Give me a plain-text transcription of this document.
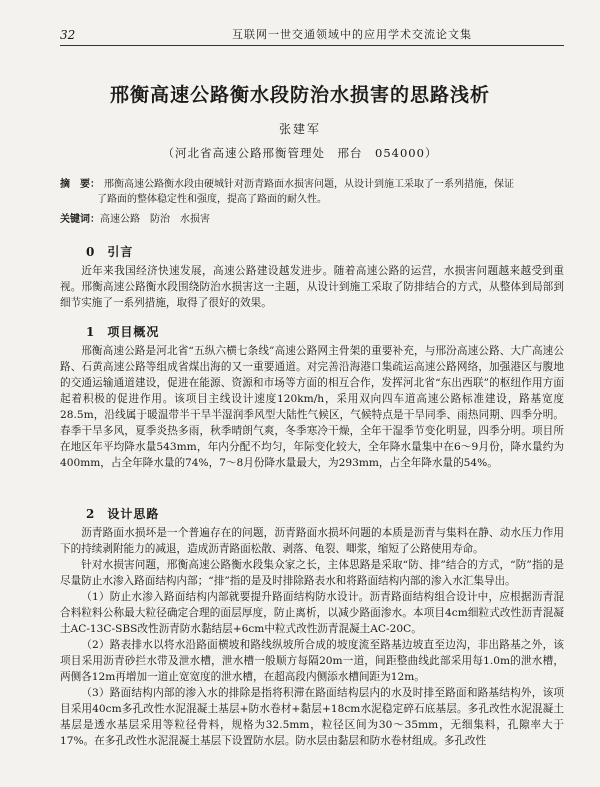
32	互联网一世交通领域中的应用学术交流论文集
邢衡高速公路衡水段防治水损害的思路浅析
张建军
（河北省高速公路邢衡管理处　邢台　054000）

摘　要： 邢衡高速公路衡水段由硬城针对沥青路面水损害问题，从设计到施工采取了一系列措施，保证

了路面的整体稳定性和强度，提高了路面的耐久性。

关键词：高速公路　防治　水损害
0 引言

近年来我国经济快速发展，高速公路建设越发进步。随着高速公路的运营，水损害问题越来越受到重视。邢衡高速公路衡水段围绕防治水损害这一主题，从设计到施工采取了防排结合的方式，从整体到局部到细节实施了一系列措施，取得了很好的效果。

1 项目概况

邢衡高速公路是河北省“五纵六横七条线”高速公路网主骨架的重要补充，与邢汾高速公路、大广高速公路、石黄高速公路等组成省煤出海的又一重要通道。对完善沿海港口集疏运高速公路网络，加强港区与腹地的交通运输通道建设，促进在能源、资源和市场等方面的相互合作，发挥河北省“东出西联”的枢纽作用方面起着积极的促进作用。该项目主线设计速度120km/h，采用双向四车道高速公路标准建设，路基宽度28.5m，沿线属于暖温带半干旱半湿润季风型大陆性气候区，气候特点是干旱同季、雨热同期、四季分明。春季干旱多风，夏季炎热多雨，秋季晴朗气爽，冬季寒冷干燥，全年干湿季节变化明显，四季分明。项目所在地区年平均降水量543mm，年内分配不均匀，年际变化较大，全年降水量集中在6～9月份，降水量约为400mm，占全年降水量的74%，7～8月份降水量最大，为293mm，占全年降水量的54%。

2 设计思路

沥青路面水损坏是一个普遍存在的问题，沥青路面水损坏问题的本质是沥青与集料在静、动水压力作用下的持续剥附能力的减退，造成沥青路面松散、剥落、龟裂、唧浆，缩短了公路使用寿命。

针对水损害问题，邢衡高速公路衡水段集众家之长，主体思路是采取“防、排”结合的方式，“防”指的是尽量防止水渗入路面结构内部；“排”指的是及时排除路表水和将路面结构内部的渗入水汇集导出。

（1）防止水渗入路面结构内部就要提升路面结构防水设计。沥青路面结构组合设计中，应根据沥青混合料粒料公称最大粒径确定合理的面层厚度，防止离析，以减少路面渗水。本项目4cm细粒式改性沥青混凝土AC-13C-SBS改性沥青防水黏结层+6cm中粒式改性沥青混凝土AC-20C。

（2）路表排水以将水沿路面横坡和路线纵坡所合成的坡度流至路基边坡直至边沟，非出路基之外，该项目采用沥青砂拦水带及泄水槽，泄水槽一般顺方每隔20m一道，间距整曲线此部采用每1.0m的泄水槽，两侧各12m再增加一道止宽宽度的泄水槽，在超高段内侧添水槽间距为12m。

（3）路面结构内部的渗入水的排除是指将积滞在路面结构层内的水及时排至路面和路基结构外，该项目采用40cm多孔改性水泥混凝土基层+防水卷材+黏层+18cm水泥稳定碎石底基层。多孔改性水泥混凝土基层是透水基层采用等粒径骨料，规格为32.5mm，粒径区间为30～35mm，无细集料，孔隙率大于17%。在多孔改性水泥混凝土基层下设置防水层。防水层由黏层和防水卷材组成。多孔改性
